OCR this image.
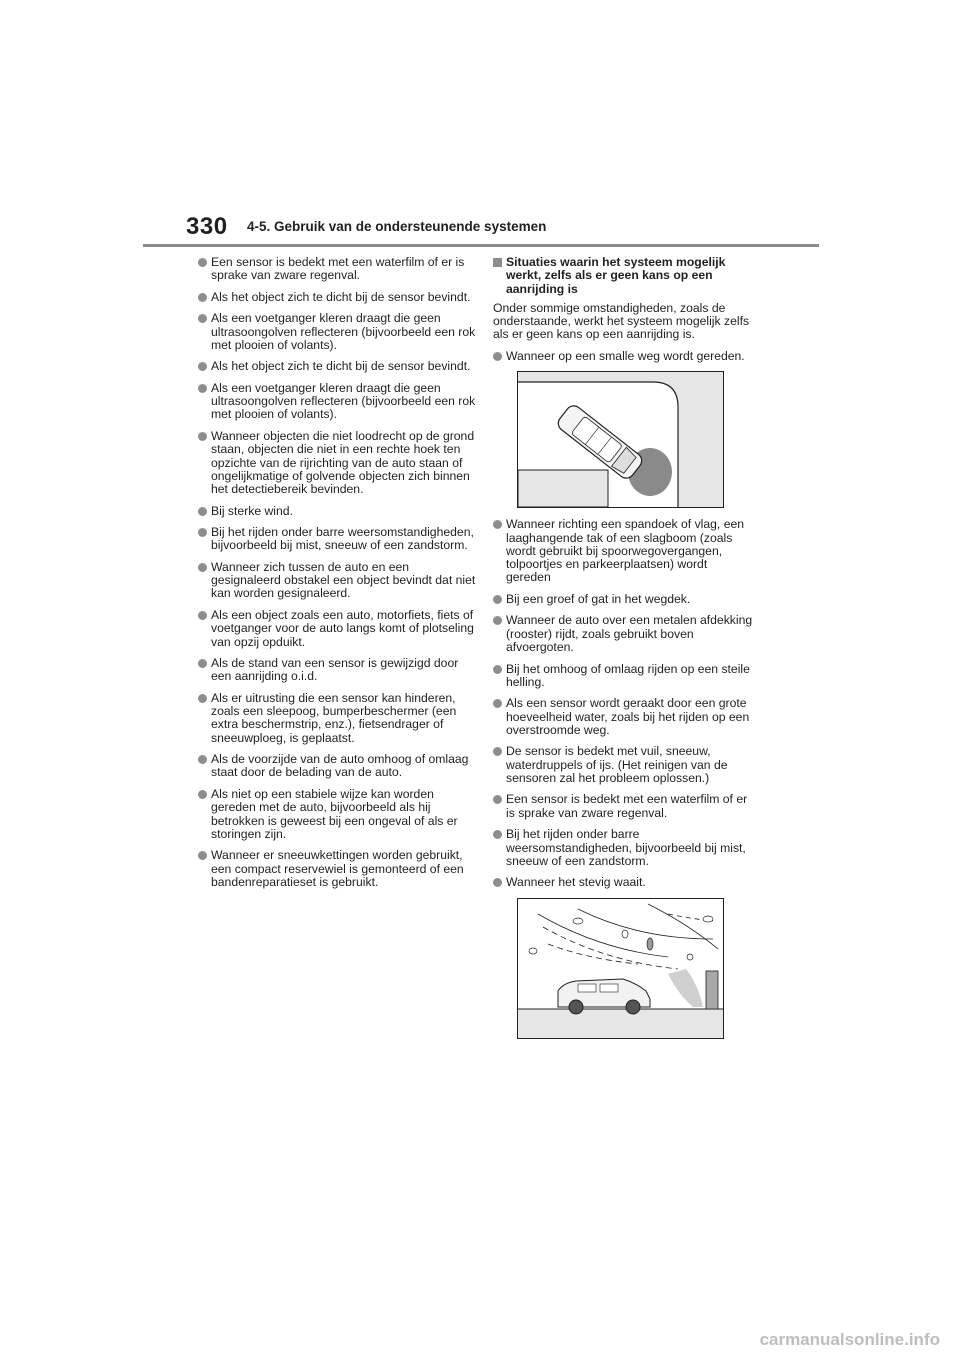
330 4-5. Gebruik van de ondersteunende systemen
Een sensor is bedekt met een waterfilm of er is sprake van zware regenval.
Als het object zich te dicht bij de sensor bevindt.
Als een voetganger kleren draagt die geen ultrasoongolven reflecteren (bijvoorbeeld een rok met plooien of volants).
Als het object zich te dicht bij de sensor bevindt.
Als een voetganger kleren draagt die geen ultrasoongolven reflecteren (bijvoorbeeld een rok met plooien of volants).
Wanneer objecten die niet loodrecht op de grond staan, objecten die niet in een rechte hoek ten opzichte van de rijrichting van de auto staan of ongelijkmatige of golvende objecten zich binnen het detectiebereik bevinden.
Bij sterke wind.
Bij het rijden onder barre weersomstandigheden, bijvoorbeeld bij mist, sneeuw of een zandstorm.
Wanneer zich tussen de auto en een gesignaleerd obstakel een object bevindt dat niet kan worden gesignaleerd.
Als een object zoals een auto, motorfiets, fiets of voetganger voor de auto langs komt of plotseling van opzij opduikt.
Als de stand van een sensor is gewijzigd door een aanrijding o.i.d.
Als er uitrusting die een sensor kan hinderen, zoals een sleepoog, bumperbeschermer (een extra beschermstrip, enz.), fietsendrager of sneeuwploeg, is geplaatst.
Als de voorzijde van de auto omhoog of omlaag staat door de belading van de auto.
Als niet op een stabiele wijze kan worden gereden met de auto, bijvoorbeeld als hij betrokken is geweest bij een ongeval of als er storingen zijn.
Wanneer er sneeuwkettingen worden gebruikt, een compact reservewiel is gemonteerd of een bandenreparatieset is gebruikt.
Situaties waarin het systeem mogelijk werkt, zelfs als er geen kans op een aanrijding is
Onder sommige omstandigheden, zoals de onderstaande, werkt het systeem mogelijk zelfs als er geen kans op een aanrijding is.
Wanneer op een smalle weg wordt gereden.
Wanneer richting een spandoek of vlag, een laaghangende tak of een slagboom (zoals wordt gebruikt bij spoorwegovergangen, tolpoortjes en parkeerplaatsen) wordt gereden
Bij een groef of gat in het wegdek.
Wanneer de auto over een metalen afdekking (rooster) rijdt, zoals gebruikt boven afvoergoten.
Bij het omhoog of omlaag rijden op een steile helling.
Als een sensor wordt geraakt door een grote hoeveelheid water, zoals bij het rijden op een overstroomde weg.
De sensor is bedekt met vuil, sneeuw, waterdruppels of ijs. (Het reinigen van de sensoren zal het probleem oplossen.)
Een sensor is bedekt met een waterfilm of er is sprake van zware regenval.
Bij het rijden onder barre weersomstandigheden, bijvoorbeeld bij mist, sneeuw of een zandstorm.
Wanneer het stevig waait.
carmanualsonline.info
